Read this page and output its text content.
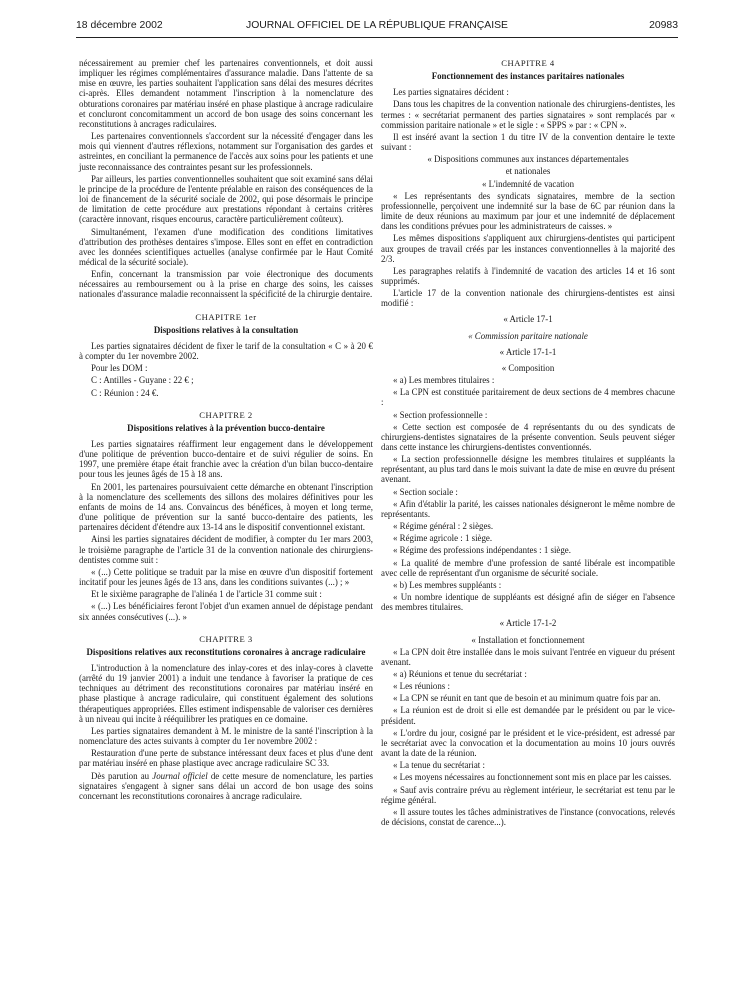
18 décembre 2002	JOURNAL OFFICIEL DE LA RÉPUBLIQUE FRANÇAISE	20983

nécessairement au premier chef les partenaires conventionnels, et doit aussi impliquer les régimes complémentaires d'assurance maladie. Dans l'attente de sa mise en œuvre, les parties souhaitent l'application sans délai des mesures décrites ci-après. Elles demandent notamment l'inscription à la nomenclature des obturations coronaires par matériau inséré en phase plastique à ancrage radiculaire et concluront concomitamment un accord de bon usage des soins concernant les reconstitutions à ancrages radiculaires.

Les partenaires conventionnels s'accordent sur la nécessité d'engager dans les mois qui viennent d'autres réflexions, notamment sur l'organisation des gardes et astreintes, en conciliant la permanence de l'accès aux soins pour les patients et une juste reconnaissance des contraintes pesant sur les professionnels.

Par ailleurs, les parties conventionnelles souhaitent que soit examiné sans délai le principe de la procédure de l'entente préalable en raison des conséquences de la loi de financement de la sécurité sociale de 2002, qui pose désormais le principe de limitation de cette procédure aux prestations répondant à certains critères (caractère innovant, risques encourus, caractère particulièrement coûteux).

Simultanément, l'examen d'une modification des conditions limitatives d'attribution des prothèses dentaires s'impose. Elles sont en effet en contradiction avec les données scientifiques actuelles (analyse confirmée par le Haut Comité médical de la sécurité sociale).

Enfin, concernant la transmission par voie électronique des documents nécessaires au remboursement ou à la prise en charge des soins, les caisses nationales d'assurance maladie reconnaissent la spécificité de la chirurgie dentaire.

CHAPITRE 1er

Dispositions relatives à la consultation

Les parties signataires décident de fixer le tarif de la consultation « C » à 20 € à compter du 1er novembre 2002.

Pour les DOM :

C : Antilles - Guyane : 22 € ;

C : Réunion : 24 €.

CHAPITRE 2

Dispositions relatives à la prévention bucco-dentaire

Les parties signataires réaffirment leur engagement dans le développement d'une politique de prévention bucco-dentaire et de suivi régulier de soins. En 1997, une première étape était franchie avec la création d'un bilan bucco-dentaire pour tous les jeunes âgés de 15 à 18 ans.

En 2001, les partenaires poursuivaient cette démarche en obtenant l'inscription à la nomenclature des scellements des sillons des molaires définitives pour les enfants de moins de 14 ans. Convaincus des bénéfices, à moyen et long terme, d'une politique de prévention sur la santé bucco-dentaire des patients, les partenaires décident d'étendre aux 13-14 ans le dispositif conventionnel existant.

Ainsi les parties signataires décident de modifier, à compter du 1er mars 2003, le troisième paragraphe de l'article 31 de la convention nationale des chirurgiens-dentistes comme suit :

« (...) Cette politique se traduit par la mise en œuvre d'un dispositif fortement incitatif pour les jeunes âgés de 13 ans, dans les conditions suivantes (...) ; »

Et le sixième paragraphe de l'alinéa 1 de l'article 31 comme suit :

« (...) Les bénéficiaires feront l'objet d'un examen annuel de dépistage pendant six années consécutives (...). »

CHAPITRE 3

Dispositions relatives aux reconstitutions coronaires à ancrage radiculaire

L'introduction à la nomenclature des inlay-cores et des inlay-cores à clavette (arrêté du 19 janvier 2001) a induit une tendance à favoriser la pratique de ces techniques au détriment des reconstitutions coronaires par matériau inséré en phase plastique à ancrage radiculaire, qui constituent également des solutions thérapeutiques appropriées. Elles estiment indispensable de valoriser ces dernières à un niveau qui incite à rééquilibrer les pratiques en ce domaine.

Les parties signataires demandent à M. le ministre de la santé l'inscription à la nomenclature des actes suivants à compter du 1er novembre 2002 :

Restauration d'une perte de substance intéressant deux faces et plus d'une dent par matériau inséré en phase plastique avec ancrage radiculaire SC 33.

Dès parution au Journal officiel de cette mesure de nomenclature, les parties signataires s'engagent à signer sans délai un accord de bon usage des soins concernant les reconstitutions coronaires à ancrage radiculaire.

CHAPITRE 4

Fonctionnement des instances paritaires nationales

Les parties signataires décident :

Dans tous les chapitres de la convention nationale des chirurgiens-dentistes, les termes : « secrétariat permanent des parties signataires » sont remplacés par « commission paritaire nationale » et le sigle : « SPPS » par : « CPN ».

Il est inséré avant la section 1 du titre IV de la convention dentaire le texte suivant :

« Dispositions communes aux instances départementales

et nationales

« L'indemnité de vacation

« Les représentants des syndicats signataires, membre de la section professionnelle, perçoivent une indemnité sur la base de 6C par réunion dans la limite de deux réunions au maximum par jour et une indemnité de déplacement dans les conditions prévues pour les administrateurs de caisses. »

Les mêmes dispositions s'appliquent aux chirurgiens-dentistes qui participent aux groupes de travail créés par les instances conventionnelles à la majorité des 2/3.

Les paragraphes relatifs à l'indemnité de vacation des articles 14 et 16 sont supprimés.

L'article 17 de la convention nationale des chirurgiens-dentistes est ainsi modifié :

« Article 17-1

« Commission paritaire nationale

« Article 17-1-1

« Composition

« a) Les membres titulaires :

« La CPN est constituée paritairement de deux sections de 4 membres chacune :

« Section professionnelle :

« Cette section est composée de 4 représentants du ou des syndicats de chirurgiens-dentistes signataires de la présente convention. Seuls peuvent siéger dans cette instance les chirurgiens-dentistes conventionnés.

« La section professionnelle désigne les membres titulaires et suppléants la représentant, au plus tard dans le mois suivant la date de mise en œuvre du présent avenant.

« Section sociale :

« Afin d'établir la parité, les caisses nationales désigneront le même nombre de représentants.

« Régime général : 2 sièges.

« Régime agricole : 1 siège.

« Régime des professions indépendantes : 1 siège.

« La qualité de membre d'une profession de santé libérale est incompatible avec celle de représentant d'un organisme de sécurité sociale.

« b) Les membres suppléants :

« Un nombre identique de suppléants est désigné afin de siéger en l'absence des membres titulaires.

« Article 17-1-2

« Installation et fonctionnement

« La CPN doit être installée dans le mois suivant l'entrée en vigueur du présent avenant.

« a) Réunions et tenue du secrétariat :

« Les réunions :

« La CPN se réunit en tant que de besoin et au minimum quatre fois par an.

« La réunion est de droit si elle est demandée par le président ou par le vice-président.

« L'ordre du jour, cosigné par le président et le vice-président, est adressé par le secrétariat avec la convocation et la documentation au moins 10 jours ouvrés avant la date de la réunion.

« La tenue du secrétariat :

« Les moyens nécessaires au fonctionnement sont mis en place par les caisses.

« Sauf avis contraire prévu au règlement intérieur, le secrétariat est tenu par le régime général.

« Il assure toutes les tâches administratives de l'instance (convocations, relevés de décisions, constat de carence...).
